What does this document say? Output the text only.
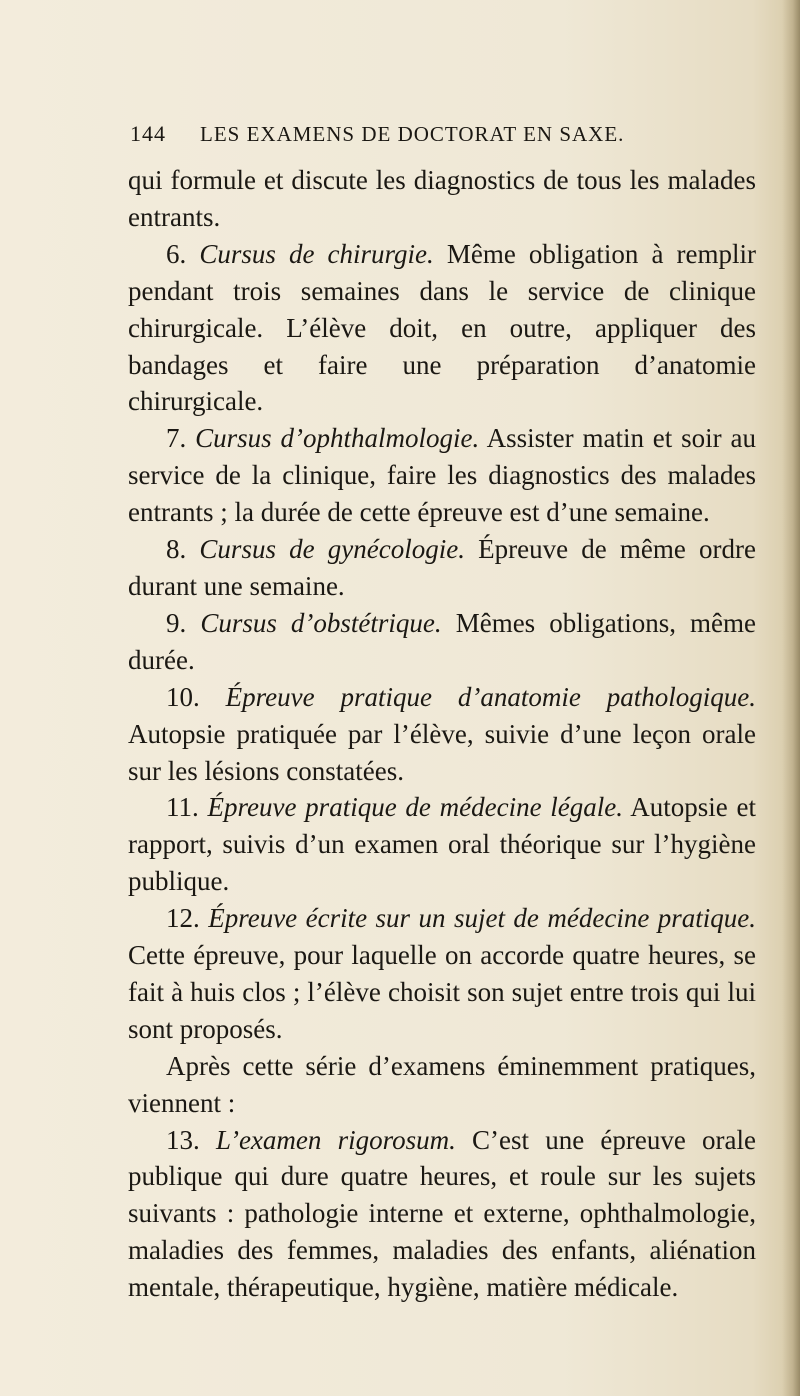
144 LES EXAMENS DE DOCTORAT EN SAXE.

qui formule et discute les diagnostics de tous les malades entrants.

6. Cursus de chirurgie. Même obligation à remplir pendant trois semaines dans le service de clinique chirurgicale. L’élève doit, en outre, appliquer des bandages et faire une préparation d’anatomie chirurgicale.

7. Cursus d’ophthalmologie. Assister matin et soir au service de la clinique, faire les diagnostics des malades entrants ; la durée de cette épreuve est d’une semaine.

8. Cursus de gynécologie. Épreuve de même ordre durant une semaine.

9. Cursus d’obstétrique. Mêmes obligations, même durée.

10. Épreuve pratique d’anatomie pathologique. Autopsie pratiquée par l’élève, suivie d’une leçon orale sur les lésions constatées.

11. Épreuve pratique de médecine légale. Autopsie et rapport, suivis d’un examen oral théorique sur l’hygiène publique.

12. Épreuve écrite sur un sujet de médecine pratique. Cette épreuve, pour laquelle on accorde quatre heures, se fait à huis clos ; l’élève choisit son sujet entre trois qui lui sont proposés.

Après cette série d’examens éminemment pratiques, viennent :

13. L’examen rigorosum. C’est une épreuve orale publique qui dure quatre heures, et roule sur les sujets suivants : pathologie interne et externe, ophthalmologie, maladies des femmes, maladies des enfants, aliénation mentale, thérapeutique, hygiène, matière médicale.
